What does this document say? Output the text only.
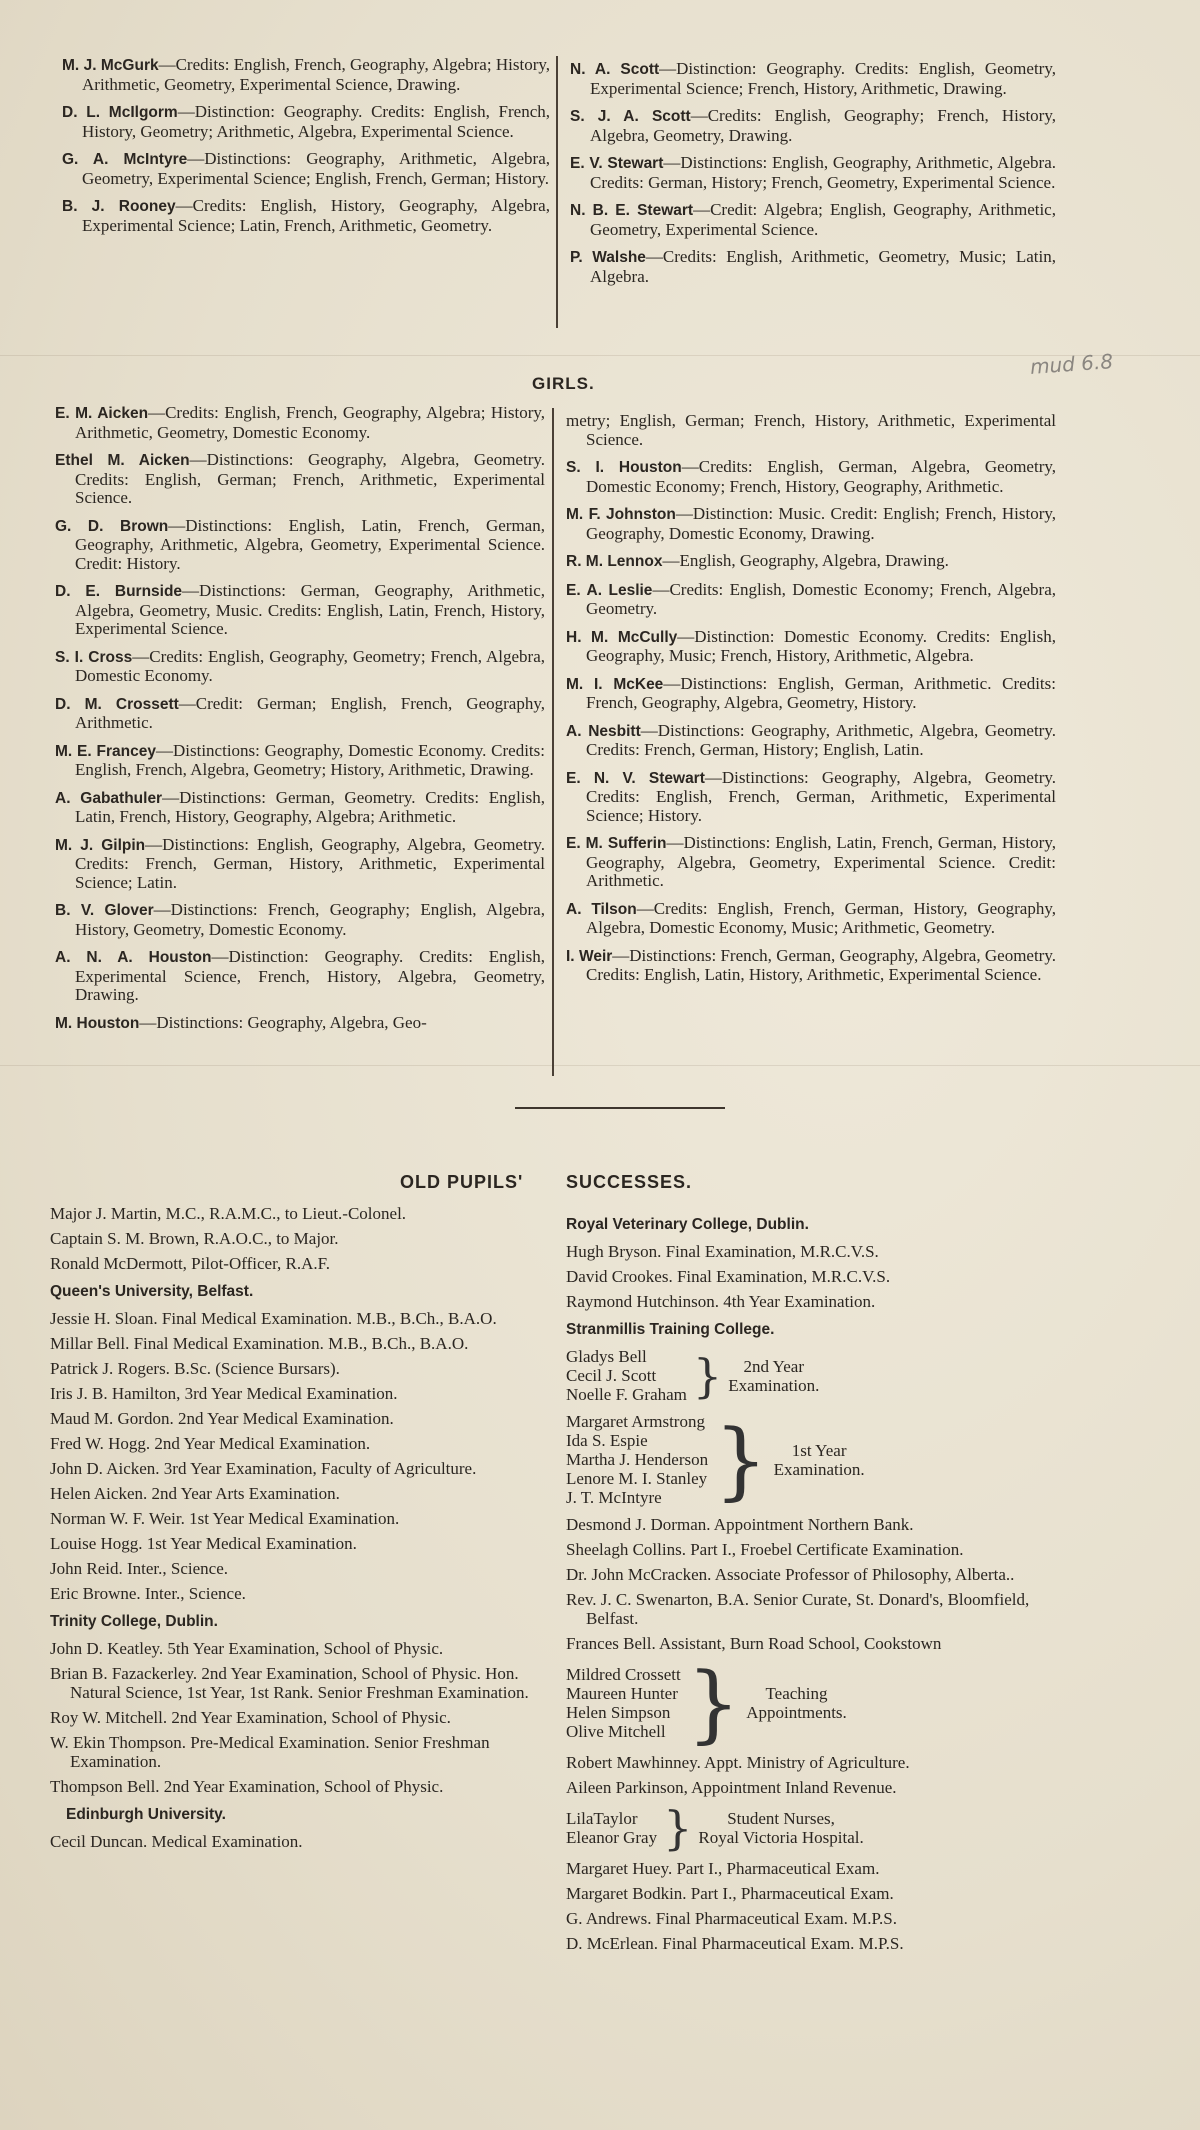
M. J. McGurk—Credits: English, French, Geography, Algebra; History, Arithmetic, Geometry, Experimental Science, Drawing.

D. L. McIlgorm—Distinction: Geography. Credits: English, French, History, Geometry; Arithmetic, Algebra, Experimental Science.

G. A. McIntyre—Distinctions: Geography, Arithmetic, Algebra, Geometry, Experimental Science; English, French, German; History.

B. J. Rooney—Credits: English, History, Geography, Algebra, Experimental Science; Latin, French, Arithmetic, Geometry.

N. A. Scott—Distinction: Geography. Credits: English, Geometry, Experimental Science; French, History, Arithmetic, Drawing.

S. J. A. Scott—Credits: English, Geography; French, History, Algebra, Geometry, Drawing.

E. V. Stewart—Distinctions: English, Geography, Arithmetic, Algebra. Credits: German, History; French, Geometry, Experimental Science.

N. B. E. Stewart—Credit: Algebra; English, Geography, Arithmetic, Geometry, Experimental Science.

P. Walshe—Credits: English, Arithmetic, Geometry, Music; Latin, Algebra.

GIRLS.
mud 6.8

E. M. Aicken—Credits: English, French, Geography, Algebra; History, Arithmetic, Geometry, Domestic Economy.

Ethel M. Aicken—Distinctions: Geography, Algebra, Geometry. Credits: English, German; French, Arithmetic, Experimental Science.

G. D. Brown—Distinctions: English, Latin, French, German, Geography, Arithmetic, Algebra, Geometry, Experimental Science. Credit: History.

D. E. Burnside—Distinctions: German, Geography, Arithmetic, Algebra, Geometry, Music. Credits: English, Latin, French, History, Experimental Science.

S. I. Cross—Credits: English, Geography, Geometry; French, Algebra, Domestic Economy.

D. M. Crossett—Credit: German; English, French, Geography, Arithmetic.

M. E. Francey—Distinctions: Geography, Domestic Economy. Credits: English, French, Algebra, Geometry; History, Arithmetic, Drawing.

A. Gabathuler—Distinctions: German, Geometry. Credits: English, Latin, French, History, Geography, Algebra; Arithmetic.

M. J. Gilpin—Distinctions: English, Geography, Algebra, Geometry. Credits: French, German, History, Arithmetic, Experimental Science; Latin.

B. V. Glover—Distinctions: French, Geography; English, Algebra, History, Geometry, Domestic Economy.

A. N. A. Houston—Distinction: Geography. Credits: English, Experimental Science, French, History, Algebra, Geometry, Drawing.

M. Houston—Distinctions: Geography, Algebra, Geo-

metry; English, German; French, History, Arithmetic, Experimental Science.

S. I. Houston—Credits: English, German, Algebra, Geometry, Domestic Economy; French, History, Geography, Arithmetic.

M. F. Johnston—Distinction: Music. Credit: English; French, History, Geography, Domestic Economy, Drawing.

R. M. Lennox—English, Geography, Algebra, Drawing.

E. A. Leslie—Credits: English, Domestic Economy; French, Algebra, Geometry.

H. M. McCully—Distinction: Domestic Economy. Credits: English, Geography, Music; French, History, Arithmetic, Algebra.

M. I. McKee—Distinctions: English, German, Arithmetic. Credits: French, Geography, Algebra, Geometry, History.

A. Nesbitt—Distinctions: Geography, Arithmetic, Algebra, Geometry. Credits: French, German, History; English, Latin.

E. N. V. Stewart—Distinctions: Geography, Algebra, Geometry. Credits: English, French, German, Arithmetic, Experimental Science; History.

E. M. Sufferin—Distinctions: English, Latin, French, German, History, Geography, Algebra, Geometry, Experimental Science. Credit: Arithmetic.

A. Tilson—Credits: English, French, German, History, Geography, Algebra, Domestic Economy, Music; Arithmetic, Geometry.

I. Weir—Distinctions: French, German, Geography, Algebra, Geometry. Credits: English, Latin, History, Arithmetic, Experimental Science.

OLD PUPILS' SUCCESSES.

Major J. Martin, M.C., R.A.M.C., to Lieut.-Colonel.

Captain S. M. Brown, R.A.O.C., to Major.

Ronald McDermott, Pilot-Officer, R.A.F.

Queen's University, Belfast.

Jessie H. Sloan. Final Medical Examination. M.B., B.Ch., B.A.O.

Millar Bell. Final Medical Examination. M.B., B.Ch., B.A.O.

Patrick J. Rogers. B.Sc. (Science Bursars).

Iris J. B. Hamilton, 3rd Year Medical Examination.

Maud M. Gordon. 2nd Year Medical Examination.

Fred W. Hogg. 2nd Year Medical Examination.

John D. Aicken. 3rd Year Examination, Faculty of Agriculture.

Helen Aicken. 2nd Year Arts Examination.

Norman W. F. Weir. 1st Year Medical Examination.

Louise Hogg. 1st Year Medical Examination.

John Reid. Inter., Science.

Eric Browne. Inter., Science.

Trinity College, Dublin.

John D. Keatley. 5th Year Examination, School of Physic.

Brian B. Fazackerley. 2nd Year Examination, School of Physic. Hon. Natural Science, 1st Year, 1st Rank. Senior Freshman Examination.

Roy W. Mitchell. 2nd Year Examination, School of Physic.

W. Ekin Thompson. Pre-Medical Examination. Senior Freshman Examination.

Thompson Bell. 2nd Year Examination, School of Physic.

Edinburgh University.

Cecil Duncan. Medical Examination.

Royal Veterinary College, Dublin.

Hugh Bryson. Final Examination, M.R.C.V.S.

David Crookes. Final Examination, M.R.C.V.S.

Raymond Hutchinson. 4th Year Examination.

Stranmillis Training College.
Gladys Bell
Cecil J. Scott
Noelle F. Graham }	2nd Year
Examination.
Margaret Armstrong
Ida S. Espie
Martha J. Henderson
Lenore M. I. Stanley
J. T. McIntyre }	1st Year
Examination.

Desmond J. Dorman. Appointment Northern Bank.

Sheelagh Collins. Part I., Froebel Certificate Examination.

Dr. John McCracken. Associate Professor of Philosophy, Alberta..

Rev. J. C. Swenarton, B.A. Senior Curate, St. Donard's, Bloomfield, Belfast.

Frances Bell. Assistant, Burn Road School, Cookstown

Mildred Crossett
Maureen Hunter
Helen Simpson
Olive Mitchell }	Teaching
Appointments.

Robert Mawhinney. Appt. Ministry of Agriculture.

Aileen Parkinson, Appointment Inland Revenue.

LilaTaylor
Eleanor Gray }	Student Nurses,
Royal Victoria Hospital.

Margaret Huey. Part I., Pharmaceutical Exam.

Margaret Bodkin. Part I., Pharmaceutical Exam.

G. Andrews. Final Pharmaceutical Exam. M.P.S.

D. McErlean. Final Pharmaceutical Exam. M.P.S.
